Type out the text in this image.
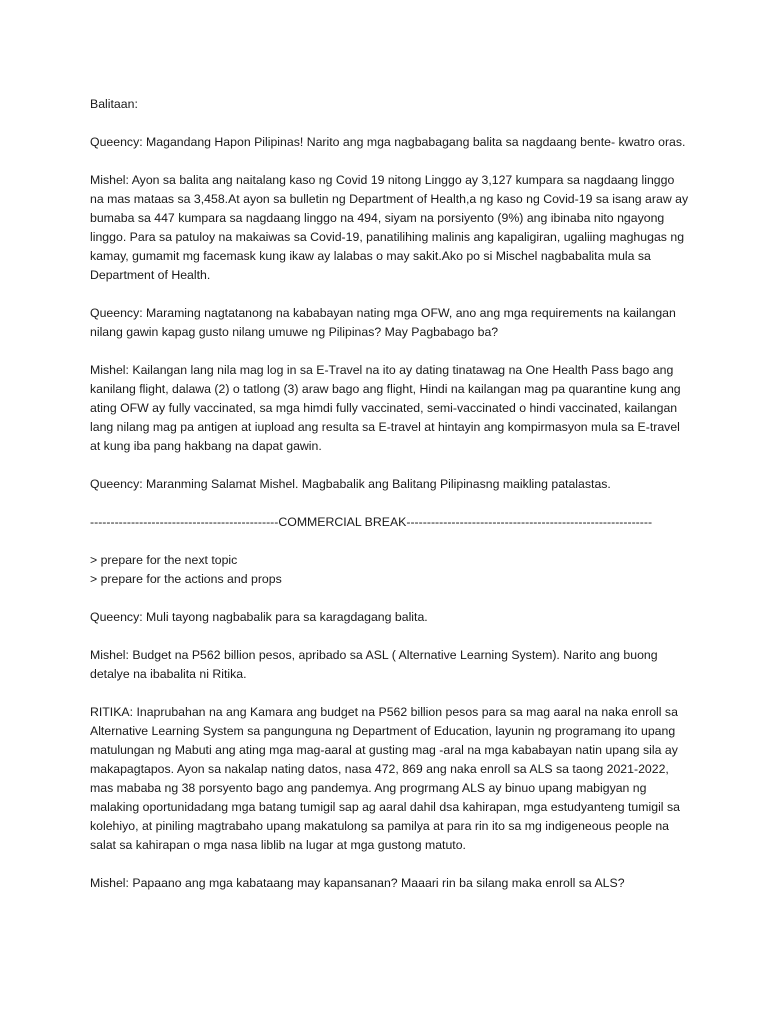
Balitaan:

Queency: Magandang Hapon Pilipinas! Narito ang mga nagbabagang balita sa nagdaang bente- kwatro oras.

Mishel: Ayon sa balita ang naitalang kaso ng Covid 19 nitong Linggo ay 3,127 kumpara sa nagdaang linggo na mas mataas sa 3,458.At ayon sa bulletin ng Department of Health,a ng kaso ng Covid-19 sa isang araw ay bumaba sa 447 kumpara sa nagdaang linggo na 494, siyam na porsiyento (9%) ang ibinaba nito ngayong linggo. Para sa patuloy na makaiwas sa Covid-19, panatilihing malinis ang kapaligiran, ugaliing maghugas ng kamay, gumamit mg facemask kung ikaw ay lalabas o may sakit.Ako po si Mischel nagbabalita mula sa Department of Health.

Queency: Maraming nagtatanong na kababayan nating mga OFW, ano ang mga requirements na kailangan nilang gawin kapag gusto nilang umuwe ng Pilipinas? May Pagbabago ba?

Mishel: Kailangan lang nila mag log in sa E-Travel na ito ay dating tinatawag na One Health Pass bago ang kanilang flight, dalawa (2) o tatlong (3) araw bago ang flight, Hindi na kailangan mag pa quarantine kung ang ating OFW ay fully vaccinated, sa mga himdi fully vaccinated, semi-vaccinated o hindi vaccinated, kailangan lang nilang mag pa antigen at iupload ang resulta sa E-travel at hintayin ang kompirmasyon mula sa E-travel at kung iba pang hakbang na dapat gawin.

Queency: Maranming Salamat Mishel. Magbabalik ang Balitang Pilipinasng maikling patalastas.

----------------------------------------------COMMERCIAL BREAK------------------------------------------------------------
> prepare for the next topic
> prepare for the actions and props

Queency: Muli tayong nagbabalik para sa karagdagang balita.

Mishel: Budget na P562 billion pesos, apribado sa ASL ( Alternative Learning System). Narito ang buong detalye na ibabalita ni Ritika.

RITIKA: Inaprubahan na ang Kamara ang budget na P562 billion pesos para sa mag aaral na naka enroll sa Alternative Learning System sa pangunguna ng Department of Education, layunin ng programang ito upang matulungan ng Mabuti ang ating mga mag-aaral at gusting mag -aral na mga kababayan natin upang sila ay makapagtapos. Ayon sa nakalap nating datos, nasa 472, 869 ang naka enroll sa ALS sa taong 2021-2022, mas mababa ng 38 porsyento bago ang pandemya. Ang progrmang ALS ay binuo upang mabigyan ng malaking oportunidadang mga batang tumigil sap ag aaral dahil dsa kahirapan, mga estudyanteng tumigil sa kolehiyo, at piniling magtrabaho upang makatulong sa pamilya at para rin ito sa mg indigeneous people na salat sa kahirapan o mga nasa liblib na lugar at mga gustong matuto.

Mishel: Papaano ang mga kabataang may kapansanan? Maaari rin ba silang maka enroll sa ALS?
